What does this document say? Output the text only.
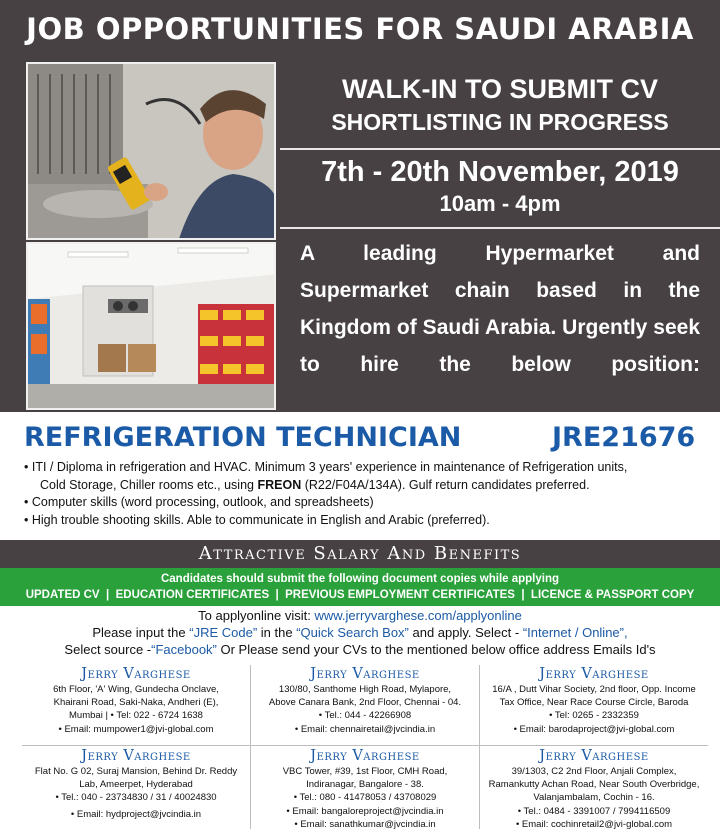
JOB OPPORTUNITIES FOR SAUDI ARABIA
WALK-IN TO SUBMIT CV
SHORTLISTING IN PROGRESS
7th - 20th November, 2019
10am - 4pm
A leading Hypermarket and Supermarket chain based in the Kingdom of Saudi Arabia. Urgently seek to hire the below position:
REFRIGERATION TECHNICIAN	JRE21676
• ITI / Diploma in refrigeration and HVAC. Minimum 3 years' experience in maintenance of Refrigeration units,
Cold Storage, Chiller rooms etc., using FREON (R22/F04A/134A). Gulf return candidates preferred.
• Computer skills (word processing, outlook, and spreadsheets)
• High trouble shooting skills. Able to communicate in English and Arabic (preferred).
Attractive Salary And Benefits
Candidates should submit the following document copies while applying
UPDATED CV  |  EDUCATION CERTIFICATES  |  PREVIOUS EMPLOYMENT CERTIFICATES  |  LICENCE & PASSPORT COPY
To applyonline visit: www.jerryvarghese.com/applyonline
Please input the “JRE Code” in the “Quick Search Box” and apply. Select - “Internet / Online”,
Select source -“Facebook” Or Please send your CVs to the mentioned below office address Emails Id's
Jerry Varghese
6th Floor, 'A' Wing, Gundecha Onclave,
Khairani Road, Saki-Naka, Andheri (E),
Mumbai | • Tel: 022 - 6724 1638
• Email: mumpower1@jvi-global.com
Jerry Varghese
130/80, Santhome High Road, Mylapore,
Above Canara Bank, 2nd Floor, Chennai - 04.
• Tel.: 044 - 42266908
• Email: chennairetail@jvcindia.in
Jerry Varghese
16/A , Dutt Vihar Society, 2nd floor, Opp. Income
Tax Office, Near Race Course Circle, Baroda
• Tel: 0265 - 2332359
• Email: barodaproject@jvi-global.com
Jerry Varghese
Flat No. G 02, Suraj Mansion, Behind Dr. Reddy
Lab, Ameerpet, Hyderabad
• Tel.: 040 - 23734830 / 31 / 40024830
• Email: hydproject@jvcindia.in
Jerry Varghese
VBC Tower, #39, 1st Floor, CMH Road,
Indiranagar, Bangalore - 38.
• Tel.: 080 - 41478053 / 43708029
• Email: bangaloreproject@jvcindia.in
• Email: sanathkumar@jvcindia.in
Jerry Varghese
39/1303, C2 2nd Floor, Anjali Complex,
Ramankutty Achan Road, Near South Overbridge,
Valanjambalam, Cochin - 16.
• Tel.: 0484 - 3391007 / 7994116509
• Email: cochinretail2@jvi-global.com
